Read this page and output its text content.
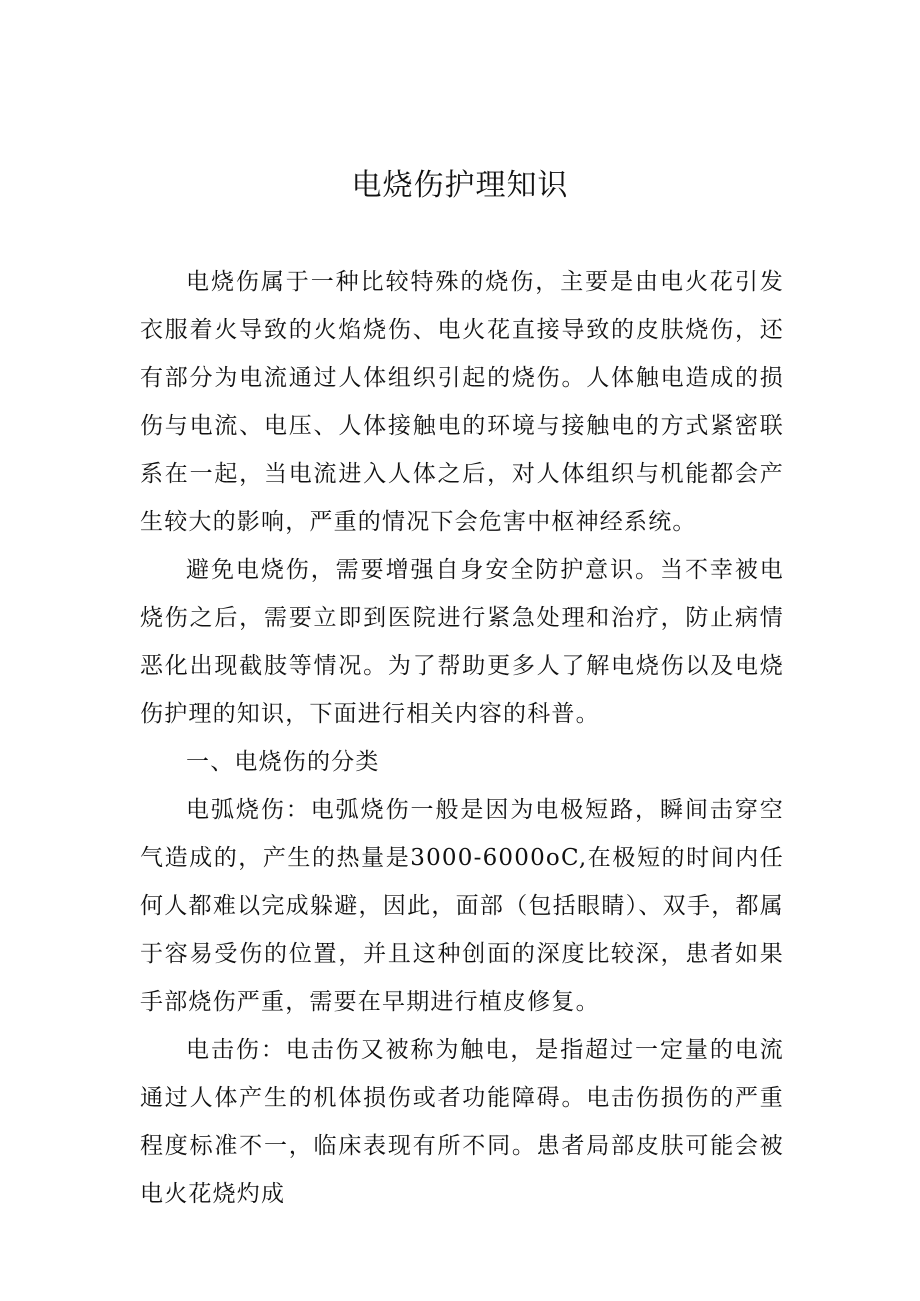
电烧伤护理知识

电烧伤属于一种比较特殊的烧伤，主要是由电火花引发衣服着火导致的火焰烧伤、电火花直接导致的皮肤烧伤，还有部分为电流通过人体组织引起的烧伤。人体触电造成的损伤与电流、电压、人体接触电的环境与接触电的方式紧密联系在一起，当电流进入人体之后，对人体组织与机能都会产生较大的影响，严重的情况下会危害中枢神经系统。

避免电烧伤，需要增强自身安全防护意识。当不幸被电烧伤之后，需要立即到医院进行紧急处理和治疗，防止病情恶化出现截肢等情况。为了帮助更多人了解电烧伤以及电烧伤护理的知识，下面进行相关内容的科普。

一、电烧伤的分类

电弧烧伤：电弧烧伤一般是因为电极短路，瞬间击穿空气造成的，产生的热量是3000-6000oC,在极短的时间内任何人都难以完成躲避，因此，面部（包括眼睛）、双手，都属于容易受伤的位置，并且这种创面的深度比较深，患者如果手部烧伤严重，需要在早期进行植皮修复。

电击伤：电击伤又被称为触电，是指超过一定量的电流通过人体产生的机体损伤或者功能障碍。电击伤损伤的严重程度标准不一，临床表现有所不同。患者局部皮肤可能会被电火花烧灼成
